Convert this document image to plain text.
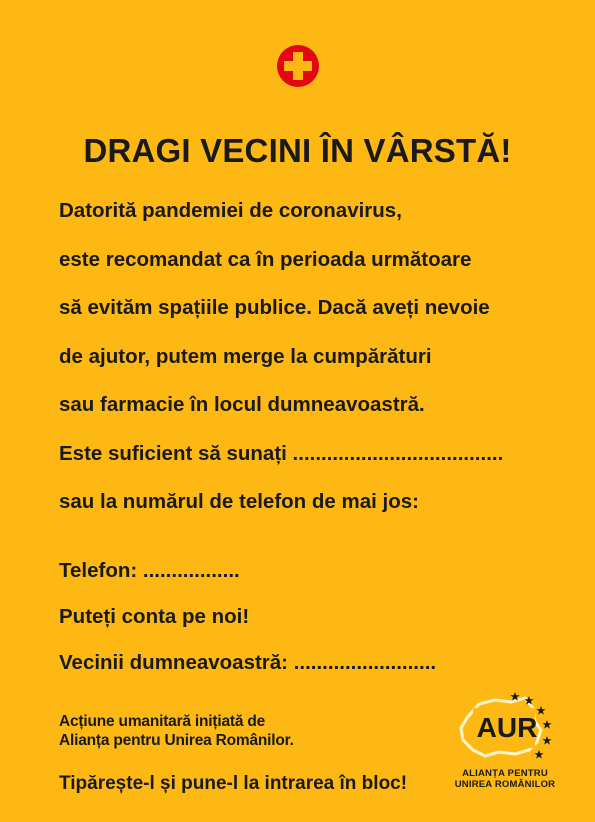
DRAGI VECINI ÎN VÂRSTĂ!
Datorită pandemiei de coronavirus,
este recomandat ca în perioada următoare
să evităm spațiile publice. Dacă aveți nevoie
de ajutor, putem merge la cumpărături
sau farmacie în locul dumneavoastră.
Este suficient să sunați .....................................
sau la numărul de telefon de mai jos:
Telefon: .................
Puteți conta pe noi!
Vecinii dumneavoastră: .........................
Acțiune umanitară inițiată de
Alianța pentru Unirea Românilor.
Tipărește-l și pune-l la intrarea în bloc!
AUR
ALIANȚA PENTRU
UNIREA ROMÂNILOR
